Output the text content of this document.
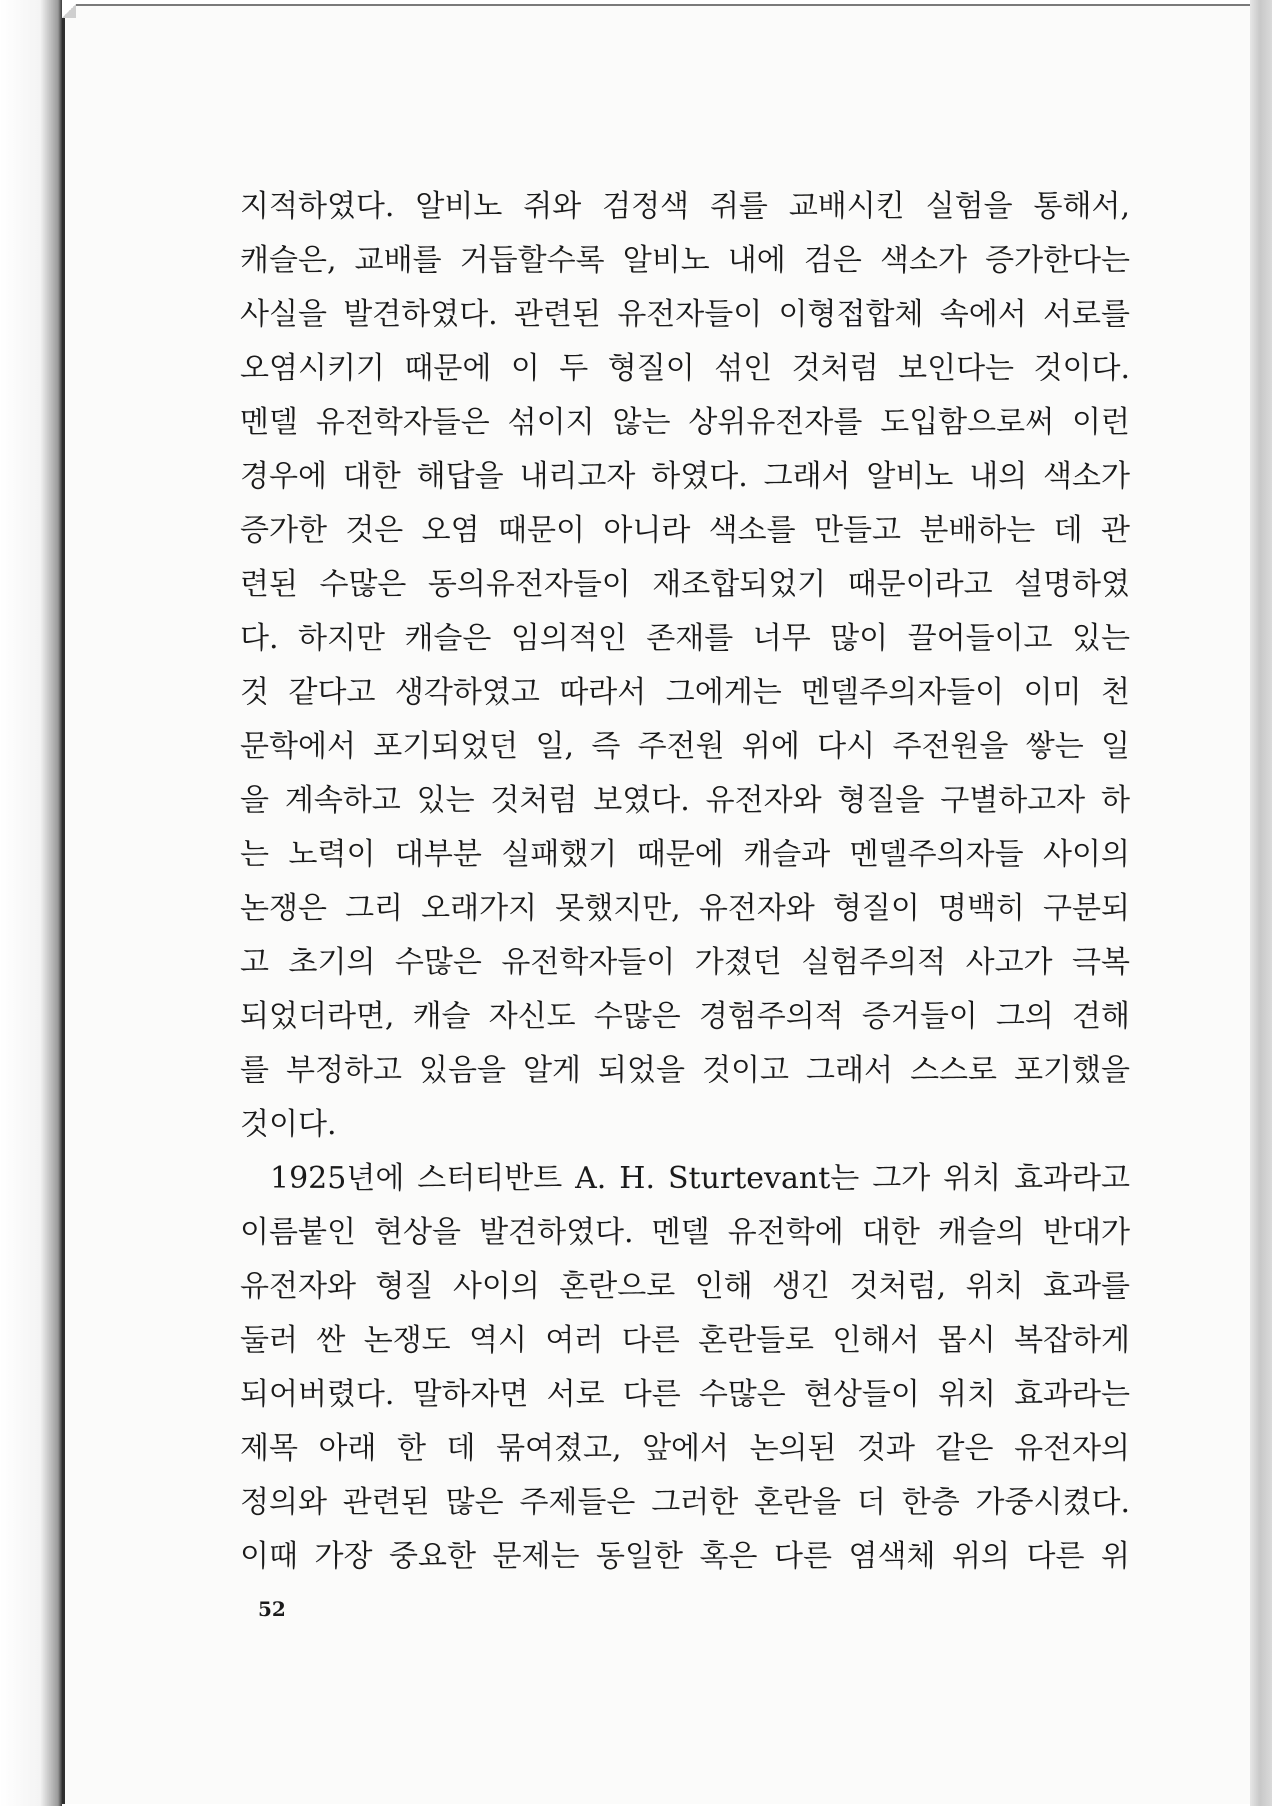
지적하였다. 알비노 쥐와 검정색 쥐를 교배시킨 실험을 통해서,
캐슬은, 교배를 거듭할수록 알비노 내에 검은 색소가 증가한다는
사실을 발견하였다. 관련된 유전자들이 이형접합체 속에서 서로를
오염시키기 때문에 이 두 형질이 섞인 것처럼 보인다는 것이다.
멘델 유전학자들은 섞이지 않는 상위유전자를 도입함으로써 이런
경우에 대한 해답을 내리고자 하였다. 그래서 알비노 내의 색소가
증가한 것은 오염 때문이 아니라 색소를 만들고 분배하는 데 관
련된 수많은 동의유전자들이 재조합되었기 때문이라고 설명하였
다. 하지만 캐슬은 임의적인 존재를 너무 많이 끌어들이고 있는
것 같다고 생각하였고 따라서 그에게는 멘델주의자들이 이미 천
문학에서 포기되었던 일, 즉 주전원 위에 다시 주전원을 쌓는 일
을 계속하고 있는 것처럼 보였다. 유전자와 형질을 구별하고자 하
는 노력이 대부분 실패했기 때문에 캐슬과 멘델주의자들 사이의
논쟁은 그리 오래가지 못했지만, 유전자와 형질이 명백히 구분되
고 초기의 수많은 유전학자들이 가졌던 실험주의적 사고가 극복
되었더라면, 캐슬 자신도 수많은 경험주의적 증거들이 그의 견해
를 부정하고 있음을 알게 되었을 것이고 그래서 스스로 포기했을
것이다.
1925년에 스터티반트 A. H. Sturtevant는 그가 위치 효과라고
이름붙인 현상을 발견하였다. 멘델 유전학에 대한 캐슬의 반대가
유전자와 형질 사이의 혼란으로 인해 생긴 것처럼, 위치 효과를
둘러 싼 논쟁도 역시 여러 다른 혼란들로 인해서 몹시 복잡하게
되어버렸다. 말하자면 서로 다른 수많은 현상들이 위치 효과라는
제목 아래 한 데 묶여졌고, 앞에서 논의된 것과 같은 유전자의
정의와 관련된 많은 주제들은 그러한 혼란을 더 한층 가중시켰다.
이때 가장 중요한 문제는 동일한 혹은 다른 염색체 위의 다른 위
52
